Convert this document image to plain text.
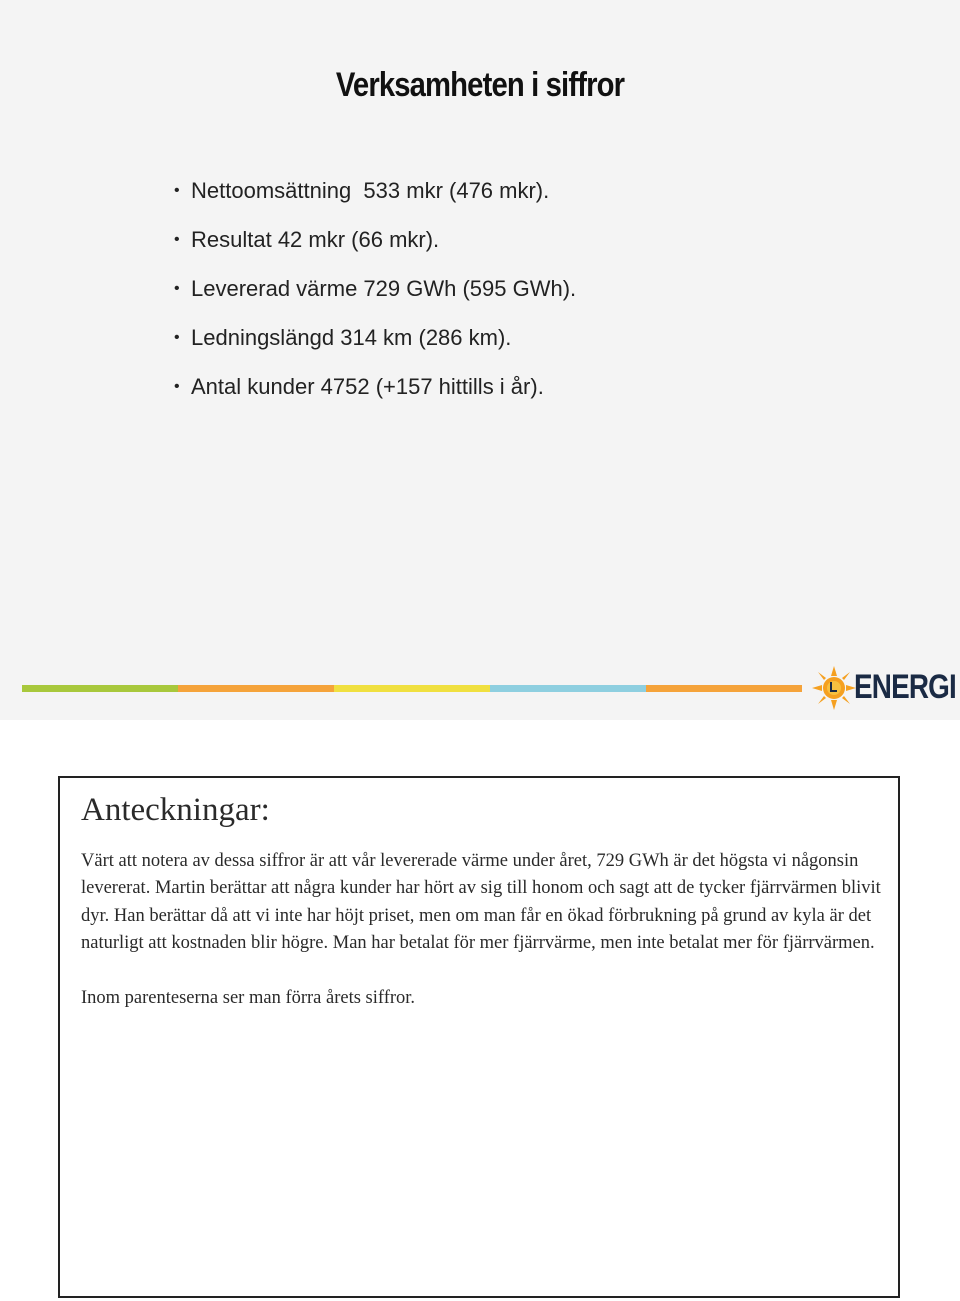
Verksamheten i siffror
• Nettoomsättning  533 mkr (476 mkr).
• Resultat 42 mkr (66 mkr).
• Levererad värme 729 GWh (595 GWh).
• Ledningslängd 314 km (286 km).
• Antal kunder 4752 (+157 hittills i år).
ENERGI
Anteckningar:

Värt att notera av dessa siffror är att vår levererade värme under året, 729 GWh är det högsta vi någonsin levererat. Martin berättar att några kunder har hört av sig till honom och sagt att de tycker fjärrvärmen blivit dyr. Han berättar då att vi inte har höjt priset, men om man får en ökad förbrukning på grund av kyla är det naturligt att kostnaden blir högre. Man har betalat för mer fjärrvärme, men inte betalat mer för fjärrvärmen.

Inom parenteserna ser man förra årets siffror.
